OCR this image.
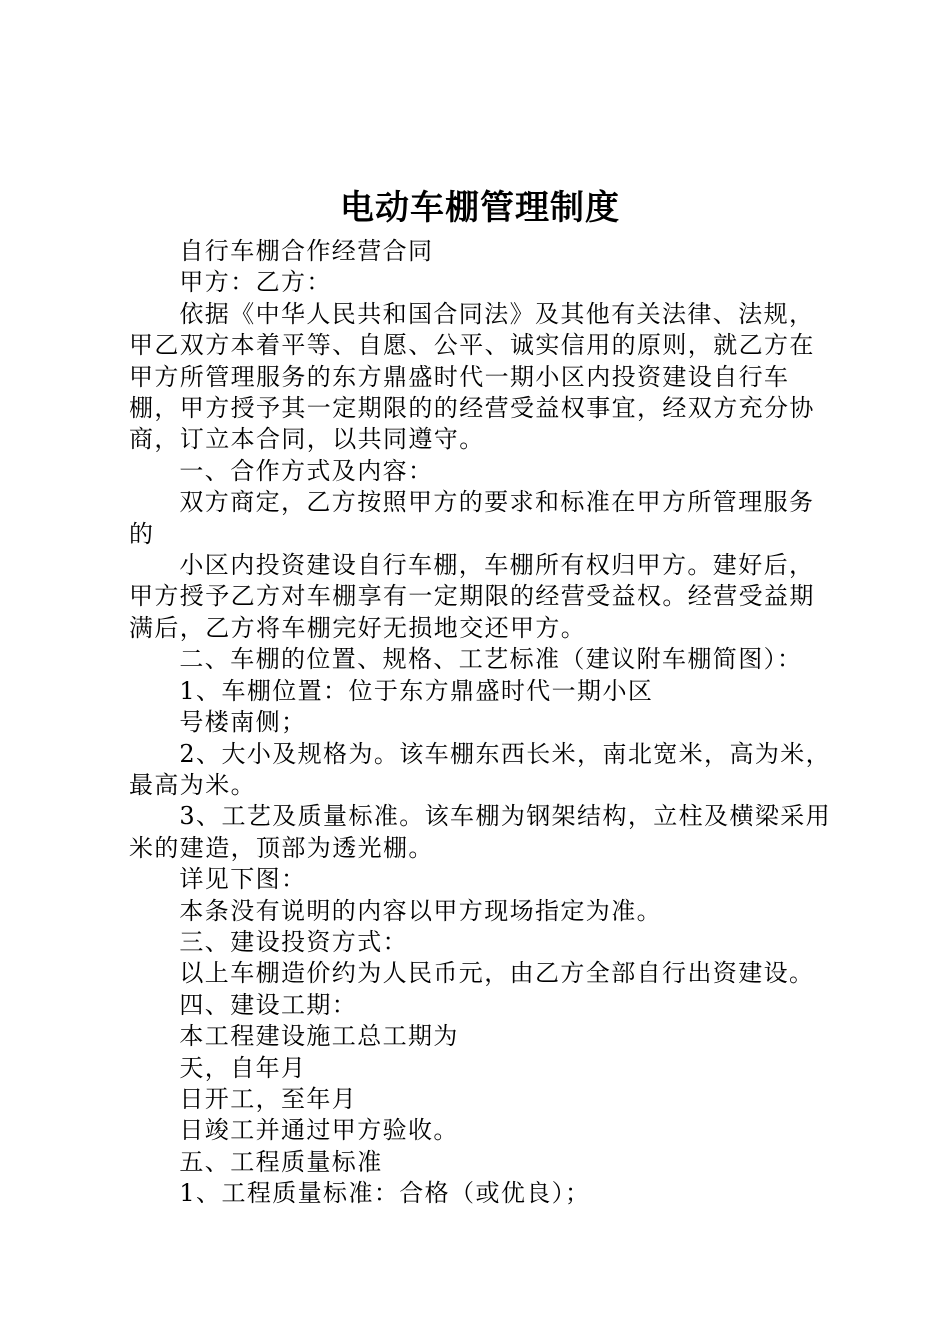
电动车棚管理制度

自行车棚合作经营合同

甲方：乙方：

依据《中华人民共和国合同法》及其他有关法律、法规，甲乙双方本着平等、自愿、公平、诚实信用的原则，就乙方在甲方所管理服务的东方鼎盛时代一期小区内投资建设自行车棚，甲方授予其一定期限的的经营受益权事宜，经双方充分协商，订立本合同，以共同遵守。

一、合作方式及内容：

双方商定，乙方按照甲方的要求和标准在甲方所管理服务的

小区内投资建设自行车棚，车棚所有权归甲方。建好后，甲方授予乙方对车棚享有一定期限的经营受益权。经营受益期满后，乙方将车棚完好无损地交还甲方。

二、车棚的位置、规格、工艺标准（建议附车棚简图）：

1、车棚位置：位于东方鼎盛时代一期小区

号楼南侧；

2、大小及规格为。该车棚东西长米，南北宽米，高为米，最高为米。

3、工艺及质量标准。该车棚为钢架结构，立柱及横梁采用米的建造，顶部为透光棚。

详见下图：

本条没有说明的内容以甲方现场指定为准。

三、建设投资方式：

以上车棚造价约为人民币元，由乙方全部自行出资建设。

四、建设工期：

本工程建设施工总工期为

天，自年月

日开工，至年月

日竣工并通过甲方验收。

五、工程质量标准

1、工程质量标准：合格（或优良）；
